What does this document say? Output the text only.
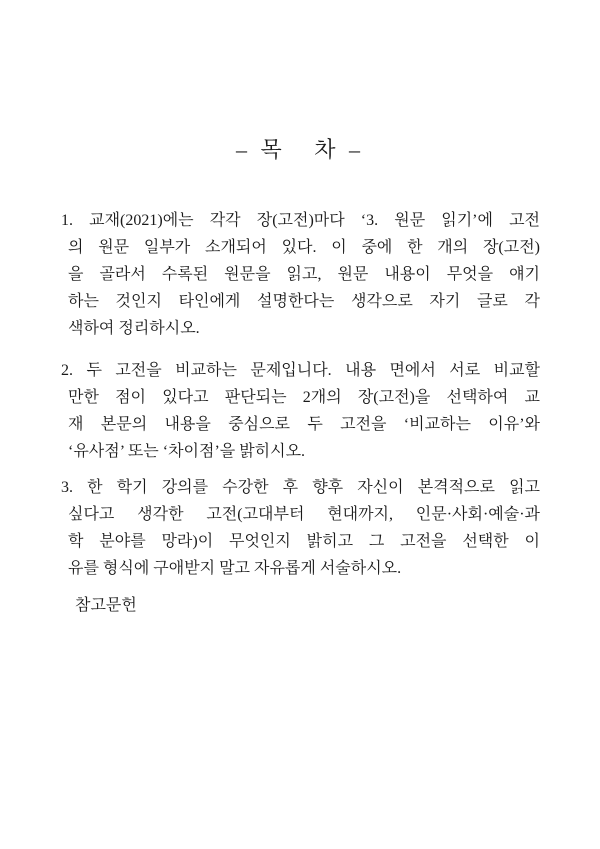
– 목   차 –
1. 교재(2021)에는 각각 장(고전)마다 ‘3. 원문 읽기’에 고전
의 원문 일부가 소개되어 있다. 이 중에 한 개의 장(고전)
을 골라서 수록된 원문을 읽고, 원문 내용이 무엇을 얘기
하는 것인지 타인에게 설명한다는 생각으로 자기 글로 각
색하여 정리하시오.
2. 두 고전을 비교하는 문제입니다. 내용 면에서 서로 비교할
만한 점이 있다고 판단되는 2개의 장(고전)을 선택하여 교
재 본문의 내용을 중심으로 두 고전을 ‘비교하는 이유’와
‘유사점’ 또는 ‘차이점’을 밝히시오.
3. 한 학기 강의를 수강한 후 향후 자신이 본격적으로 읽고
싶다고 생각한 고전(고대부터 현대까지, 인문·사회·예술·과
학 분야를 망라)이 무엇인지 밝히고 그 고전을 선택한 이
유를 형식에 구애받지 말고 자유롭게 서술하시오.
참고문헌
